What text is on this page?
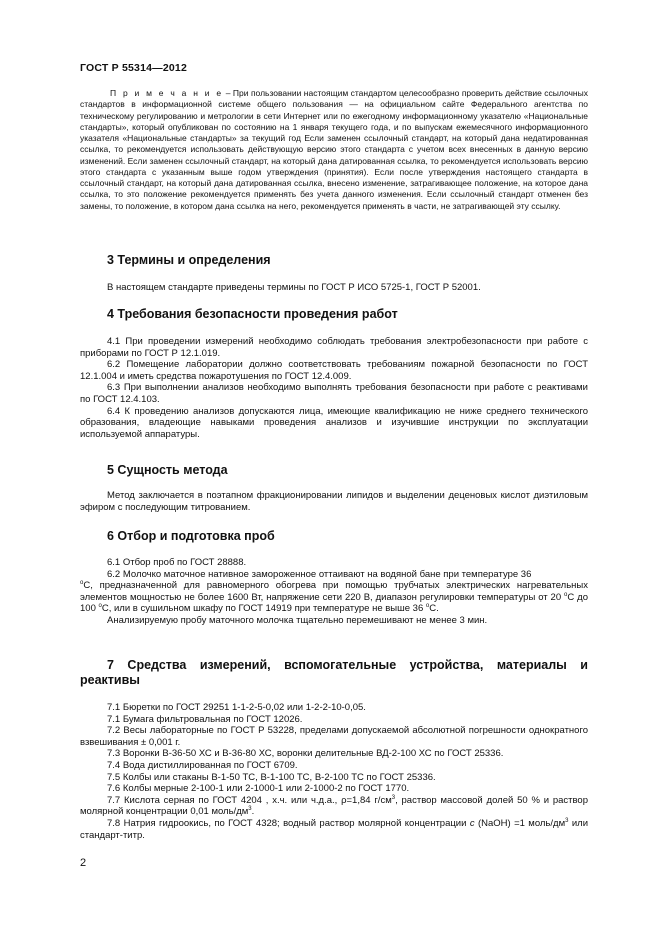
ГОСТ Р 55314—2012

П р и м е ч а н и е – При пользовании настоящим стандартом целесообразно проверить действие ссылочных стандартов в информационной системе общего пользования — на официальном сайте Федерального агентства по техническому регулированию и метрологии в сети Интернет или по ежегодному информационному указателю «Национальные стандарты», который опубликован по состоянию на 1 января текущего года, и по выпускам ежемесячного информационного указателя «Национальные стандарты» за текущий год Если заменен ссылочный стандарт, на который дана недатированная ссылка, то рекомендуется использовать действующую версию этого стандарта с учетом всех внесенных в данную версию изменений. Если заменен ссылочный стандарт, на который дана датированная ссылка, то рекомендуется использовать версию этого стандарта с указанным выше годом утверждения (принятия). Если после утверждения настоящего стандарта в ссылочный стандарт, на который дана датированная ссылка, внесено изменение, затрагивающее положение, на которое дана ссылка, то это положение рекомендуется применять без учета данного изменения. Если ссылочный стандарт отменен без замены, то положение, в котором дана ссылка на него, рекомендуется применять в части, не затрагивающей эту ссылку.

3 Термины и определения

В настоящем стандарте приведены термины по ГОСТ Р ИСО 5725-1, ГОСТ Р 52001.

4 Требования безопасности проведения работ

4.1 При проведении измерений необходимо соблюдать требования электробезопасности при работе с приборами по ГОСТ Р 12.1.019.

6.2 Помещение лаборатории должно соответствовать требованиям пожарной безопасности по ГОСТ 12.1.004 и иметь средства пожаротушения по ГОСТ 12.4.009.

6.3 При выполнении анализов необходимо выполнять требования безопасности при работе с реактивами по ГОСТ 12.4.103.

6.4 К проведению анализов допускаются лица, имеющие квалификацию не ниже среднего технического образования, владеющие навыками проведения анализов и изучившие инструкции по эксплуатации используемой аппаратуры.

5 Сущность метода

Метод заключается в поэтапном фракционировании липидов и выделении деценовых кислот диэтиловым эфиром с последующим титрованием.

6 Отбор и подготовка проб

6.1 Отбор проб по ГОСТ 28888.

6.2 Молочко маточное нативное замороженное оттаивают на водяной бане при температуре 36
$^о$С, предназначенной для равномерного обогрева при помощью трубчатых электрических нагревательных элементов мощностью не более 1600 Вт, напряжение сети 220 В, диапазон регулировки температуры от 20 $^о$С до 100 $^о$С, или в сушильном шкафу по ГОСТ 14919 при температуре не выше 36 $^о$С.

Анализируемую пробу маточного молочка тщательно перемешивают не менее 3 мин.

7 Средства измерений, вспомогательные устройства, материалы и реактивы

7.1 Бюретки по ГОСТ 29251 1-1-2-5-0,02 или 1-2-2-10-0,05.

7.1 Бумага фильтровальная по ГОСТ 12026.

7.2 Весы лабораторные по ГОСТ Р 53228, пределами допускаемой абсолютной погрешности однократного взвешивания ± 0,001 г.

7.3 Воронки В-36-50 ХС и В-36-80 ХС, воронки делительные ВД-2-100 ХС по ГОСТ 25336.

7.4 Вода дистиллированная по ГОСТ 6709.

7.5 Колбы или стаканы В-1-50 ТС, В-1-100 ТС, В-2-100 ТС по ГОСТ 25336.

7.6 Колбы мерные 2-100-1 или 2-1000-1 или 2-1000-2 по ГОСТ 1770.

7.7 Кислота серная по ГОСТ 4204 , х.ч. или ч.д.а., ρ=1,84 $г/см^3$, раствор массовой долей 50 % и раствор молярной концентрации 0,01 моль/$дм^3$.

7.8 Натрия гидроокись, по ГОСТ 4328; водный раствор молярной концентрации с (NaOH) =1 моль/$дм^3$ или стандарт-титр.

2
